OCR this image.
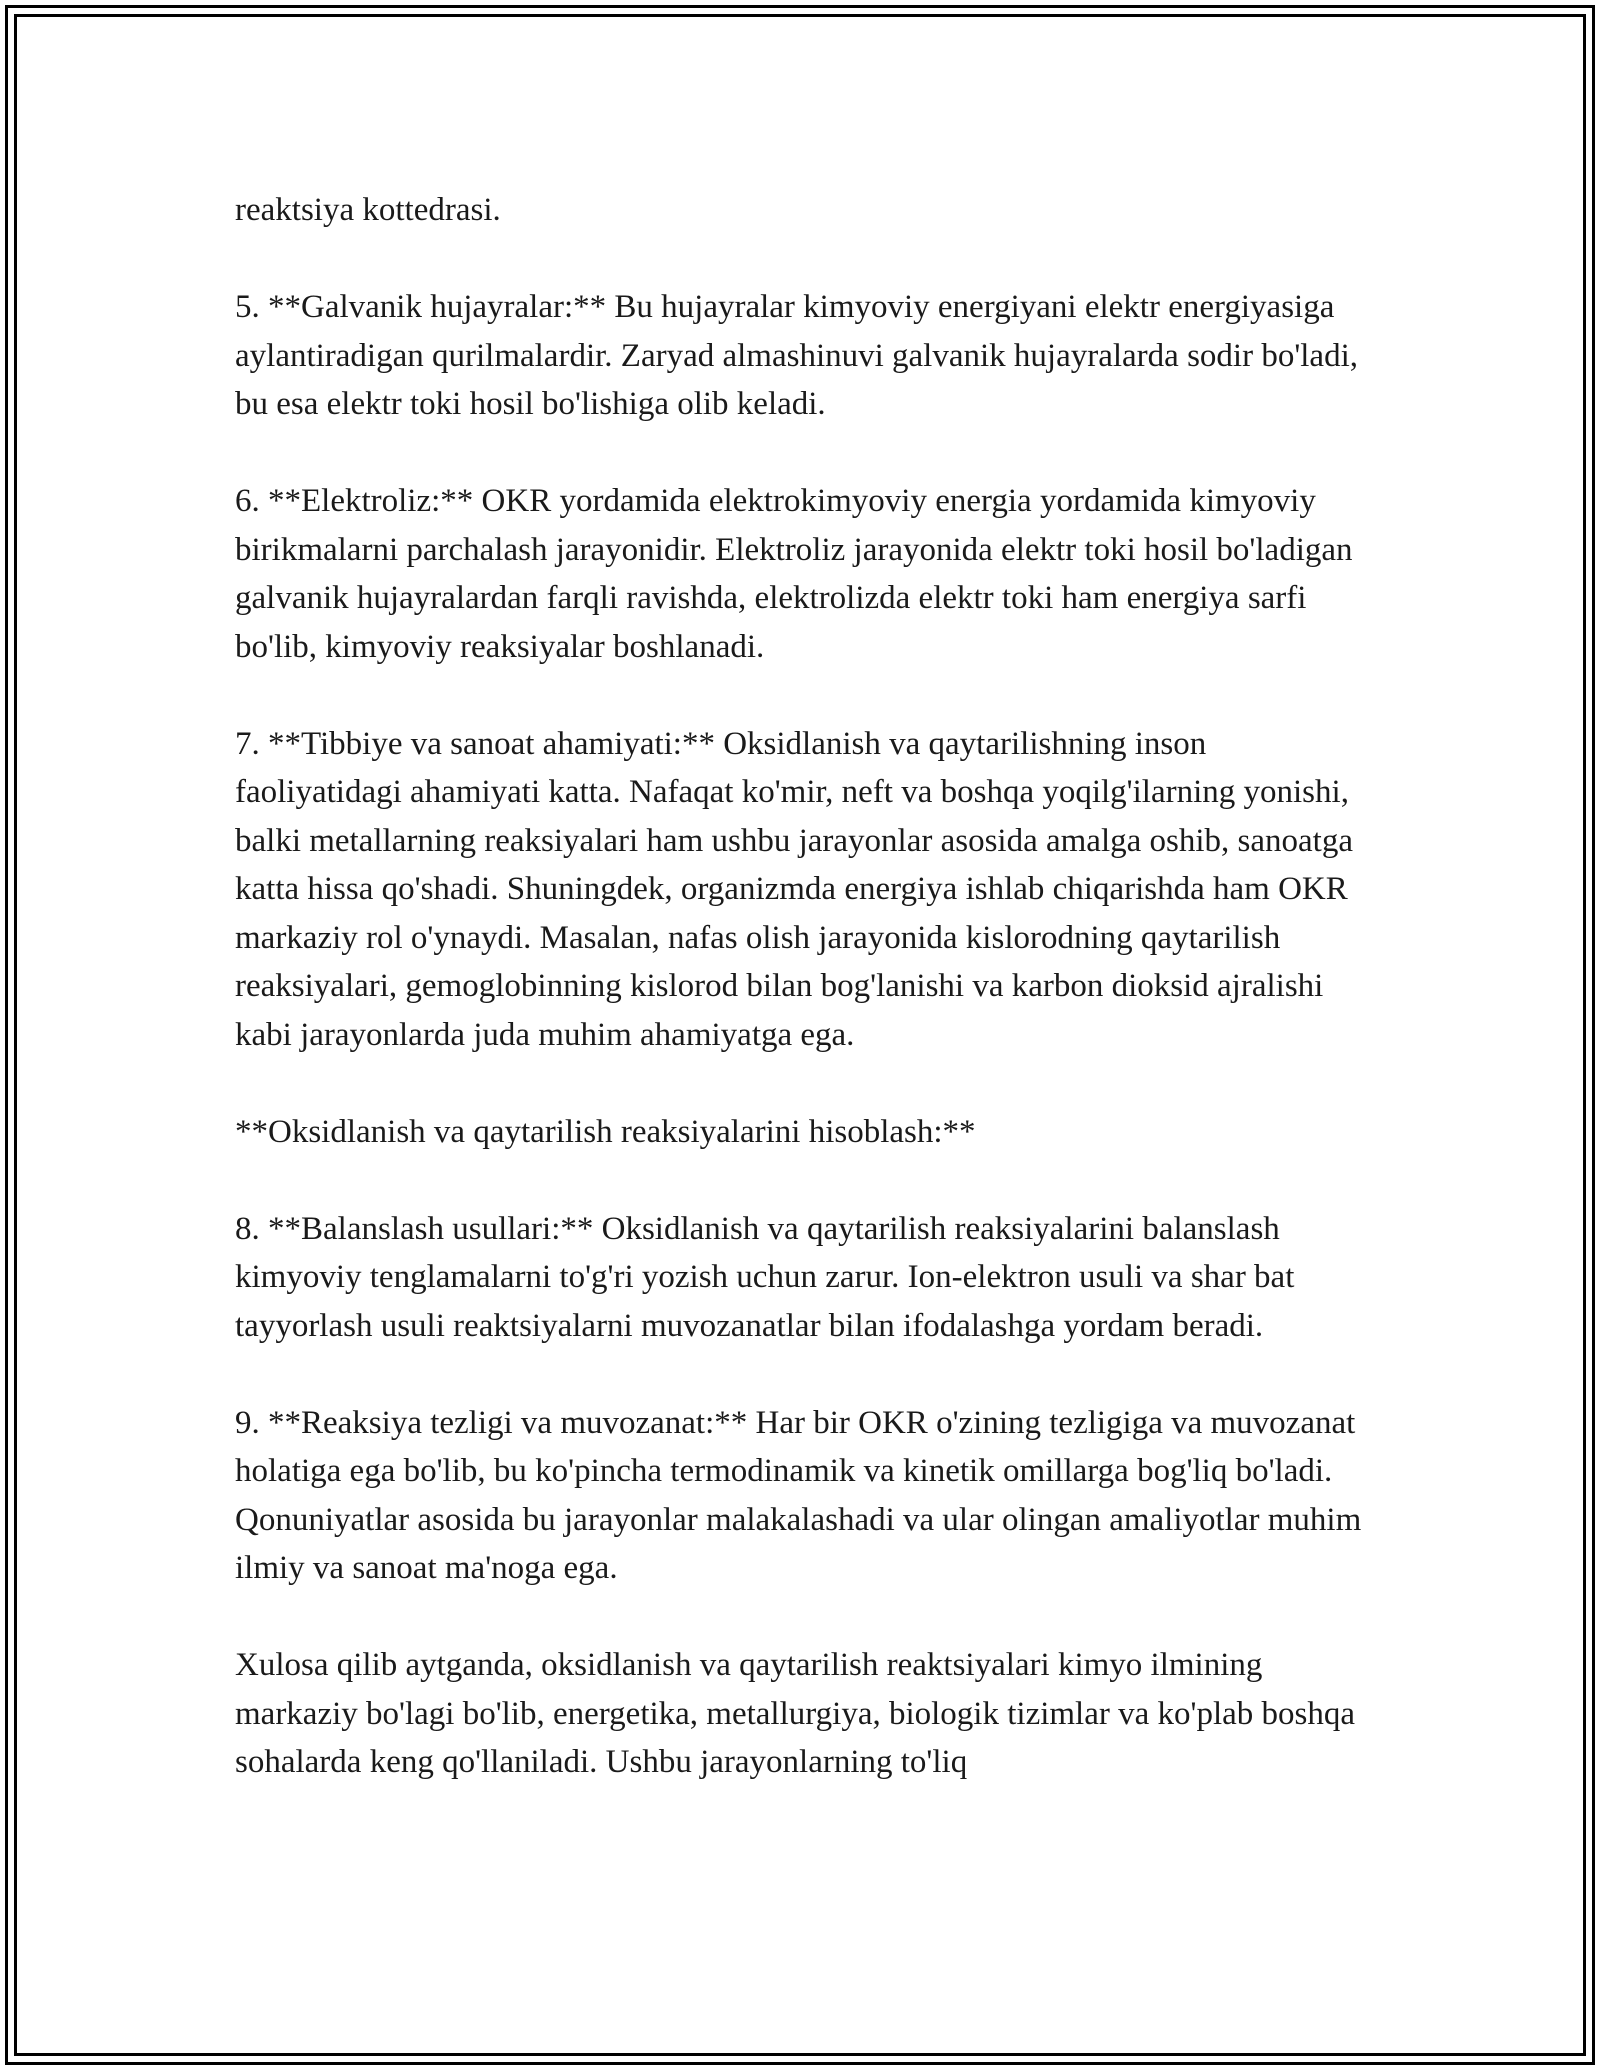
reaktsiya kottedrasi.

5. **Galvanik hujayralar:** Bu hujayralar kimyoviy energiyani elektr energiyasiga aylantiradigan qurilmalardir. Zaryad almashinuvi galvanik hujayralarda sodir bo'ladi, bu esa elektr toki hosil bo'lishiga olib keladi.

6. **Elektroliz:** OKR yordamida elektrokimyoviy energia yordamida kimyoviy birikmalarni parchalash jarayonidir. Elektroliz jarayonida elektr toki hosil bo'ladigan galvanik hujayralardan farqli ravishda, elektrolizda elektr toki ham energiya sarfi bo'lib, kimyoviy reaksiyalar boshlanadi.

7. **Tibbiye va sanoat ahamiyati:** Oksidlanish va qaytarilishning inson faoliyatidagi ahamiyati katta. Nafaqat ko'mir, neft va boshqa yoqilg'ilarning yonishi, balki metallarning reaksiyalari ham ushbu jarayonlar asosida amalga oshib, sanoatga katta hissa qo'shadi. Shuningdek, organizmda energiya ishlab chiqarishda ham OKR markaziy rol o'ynaydi. Masalan, nafas olish jarayonida kislorodning qaytarilish reaksiyalari, gemoglobinning kislorod bilan bog'lanishi va karbon dioksid ajralishi kabi jarayonlarda juda muhim ahamiyatga ega.

**Oksidlanish va qaytarilish reaksiyalarini hisoblash:**

8. **Balanslash usullari:** Oksidlanish va qaytarilish reaksiyalarini balanslash kimyoviy tenglamalarni to'g'ri yozish uchun zarur. Ion-elektron usuli va shar bat tayyorlash usuli reaktsiyalarni muvozanatlar bilan ifodalashga yordam beradi.

9. **Reaksiya tezligi va muvozanat:** Har bir OKR o'zining tezligiga va muvozanat holatiga ega bo'lib, bu ko'pincha termodinamik va kinetik omillarga bog'liq bo'ladi. Qonuniyatlar asosida bu jarayonlar malakalashadi va ular olingan amaliyotlar muhim ilmiy va sanoat ma'noga ega.

Xulosa qilib aytganda, oksidlanish va qaytarilish reaktsiyalari kimyo ilmining markaziy bo'lagi bo'lib, energetika, metallurgiya, biologik tizimlar va ko'plab boshqa sohalarda keng qo'llaniladi. Ushbu jarayonlarning to'liq
